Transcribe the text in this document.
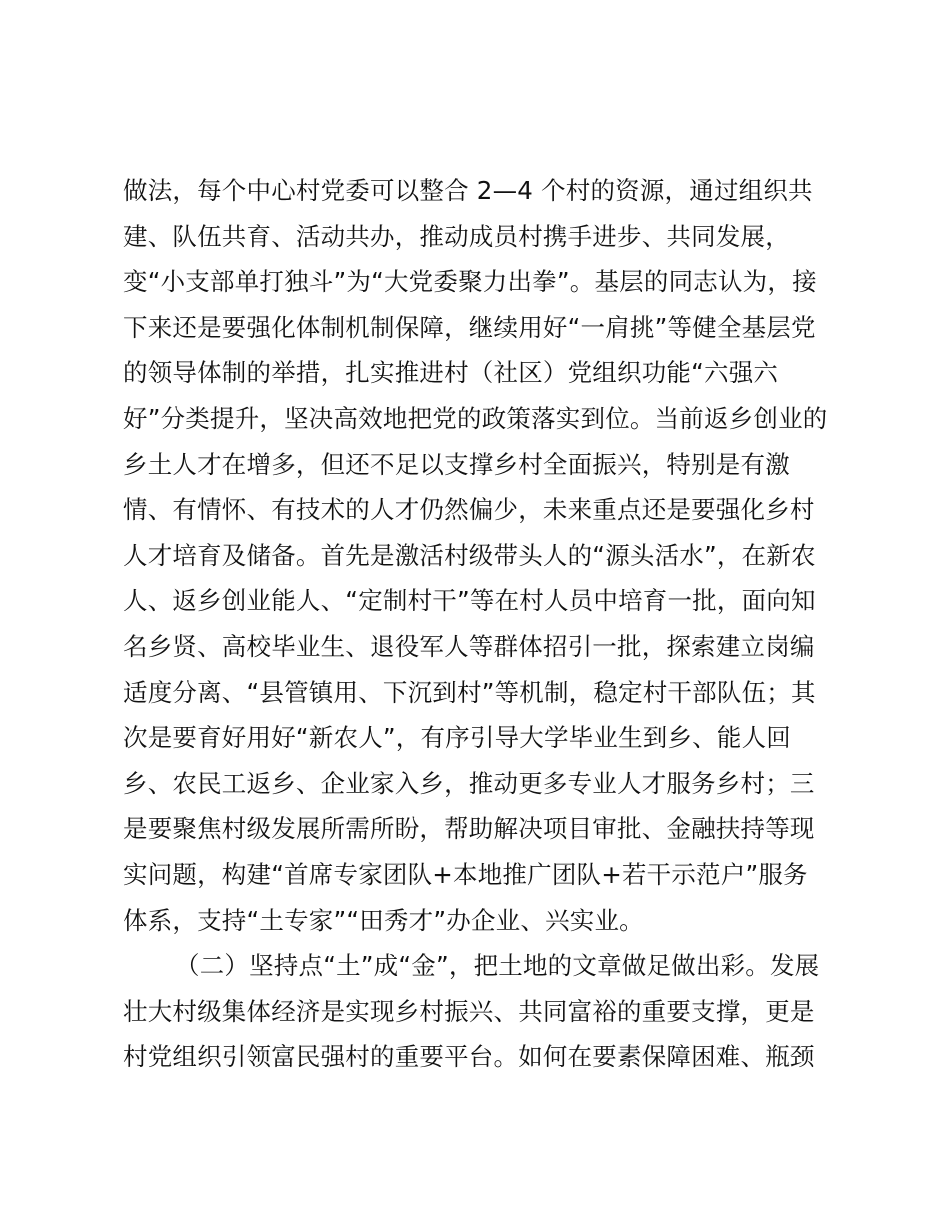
做法，每个中心村党委可以整合 2—4 个村的资源，通过组织共
建、队伍共育、活动共办，推动成员村携手进步、共同发展，
变“小支部单打独斗”为“大党委聚力出拳”。基层的同志认为，接
下来还是要强化体制机制保障，继续用好“一肩挑”等健全基层党
的领导体制的举措，扎实推进村（社区）党组织功能“六强六
好”分类提升，坚决高效地把党的政策落实到位。当前返乡创业的
乡土人才在增多，但还不足以支撑乡村全面振兴，特别是有激
情、有情怀、有技术的人才仍然偏少，未来重点还是要强化乡村
人才培育及储备。首先是激活村级带头人的“源头活水”，在新农
人、返乡创业能人、“定制村干”等在村人员中培育一批，面向知
名乡贤、高校毕业生、退役军人等群体招引一批，探索建立岗编
适度分离、“县管镇用、下沉到村”等机制，稳定村干部队伍；其
次是要育好用好“新农人”，有序引导大学毕业生到乡、能人回
乡、农民工返乡、企业家入乡，推动更多专业人才服务乡村；三
是要聚焦村级发展所需所盼，帮助解决项目审批、金融扶持等现
实问题，构建“首席专家团队+本地推广团队+若干示范户”服务
体系，支持“土专家”“田秀才”办企业、兴实业。
（二）坚持点“土”成“金”，把土地的文章做足做出彩。发展
壮大村级集体经济是实现乡村振兴、共同富裕的重要支撑，更是
村党组织引领富民强村的重要平台。如何在要素保障困难、瓶颈
